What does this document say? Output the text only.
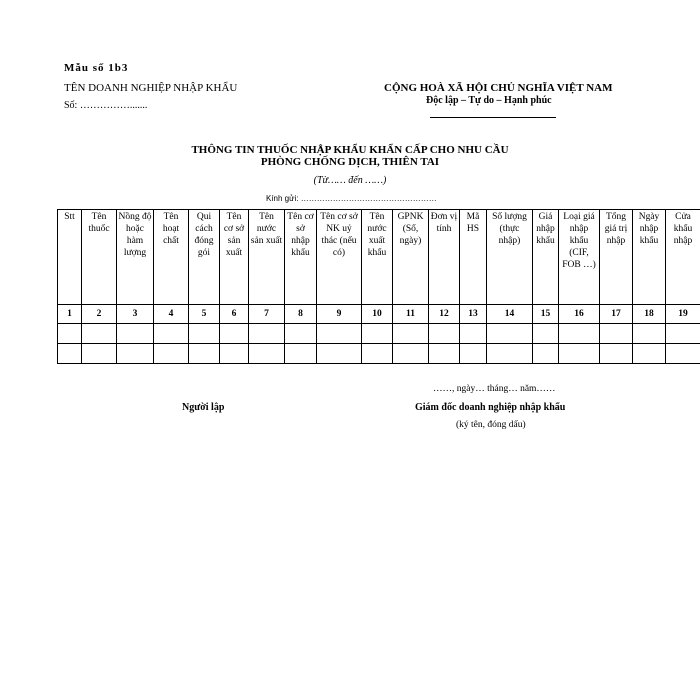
Mẫu số 1b3
TÊN DOANH NGHIỆP NHẬP KHẨU
Số: …………….......
CỘNG HOÀ XÃ HỘI CHỦ NGHĨA VIỆT NAM
Độc lập – Tự do – Hạnh phúc
THÔNG TIN THUỐC NHẬP KHẨU KHẨN CẤP CHO NHU CẦU
PHÒNG CHỐNG DỊCH, THIÊN TAI
(Từ…… đến ……)
Kính gửi: ……………………………………………
Stt	Tên thuốc	Nồng độ hoặc hàm lượng	Tên hoạt chất	Qui cách đóng gói	Tên cơ sở sản xuất	Tên nước sản xuất	Tên cơ sở nhập khẩu	Tên cơ sở NK uỷ thác (nếu có)	Tên nước xuất khẩu	GPNK (Số, ngày)	Đơn vị tính	Mã HS	Số lượng (thực nhập)	Giá nhập khẩu	Loại giá nhập khẩu (CIF, FOB …)	Tổng giá trị nhập	Ngày nhập khẩu	Cửa khẩu nhập
1	2	3	4	5	6	7	8	9	10	11	12	13	14	15	16	17	18	19

……, ngày… tháng… năm……
Người lập	Giám đốc doanh nghiệp nhập khẩu
(ký tên, đóng dấu)
